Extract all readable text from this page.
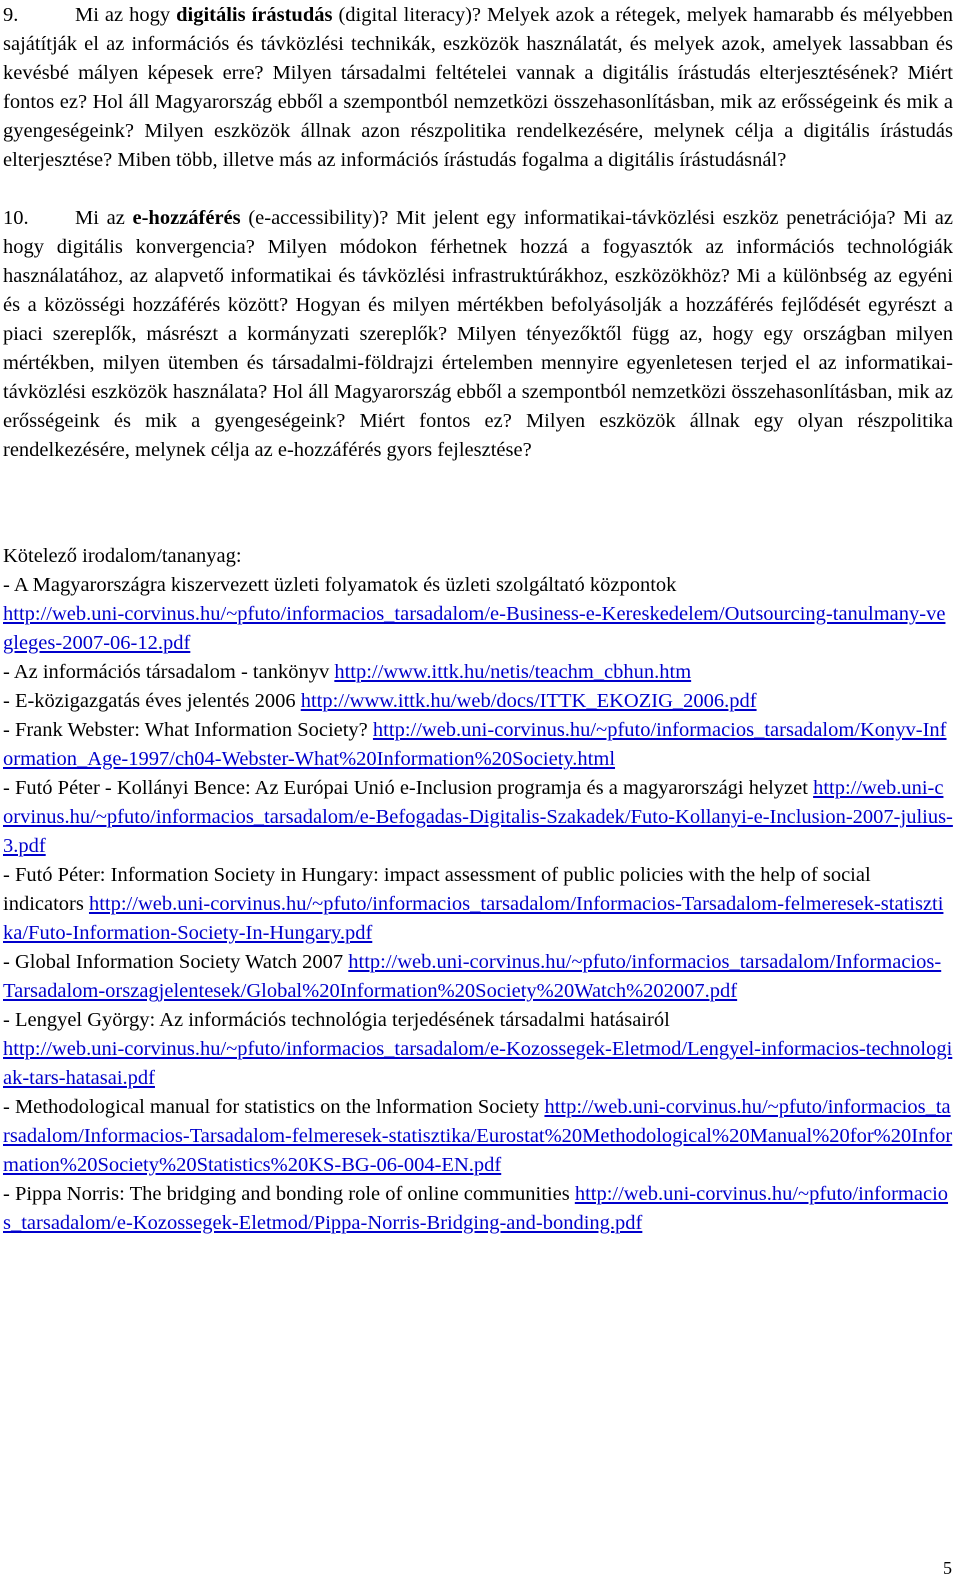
9.	Mi az hogy digitális írástudás (digital literacy)? Melyek azok a rétegek, melyek hamarabb és mélyebben sajátítják el az információs és távközlési technikák, eszközök használatát, és melyek azok, amelyek lassabban és kevésbé mályen képesek erre? Milyen társadalmi feltételei vannak a digitális írástudás elterjesztésének? Miért fontos ez? Hol áll Magyarország ebből a szempontból nemzetközi összehasonlításban, mik az erősségeink és mik a gyengeségeink? Milyen eszközök állnak azon részpolitika rendelkezésére, melynek célja a digitális írástudás elterjesztése? Miben több, illetve más az információs írástudás fogalma a digitális írástudásnál?

10. Mi az e-hozzáférés (e-accessibility)? Mit jelent egy informatikai-távközlési eszköz penetrációja? Mi az hogy digitális konvergencia? Milyen módokon férhetnek hozzá a fogyasztók az információs technológiák használatához, az alapvető informatikai és távközlési infrastruktúrákhoz, eszközökhöz? Mi a különbség az egyéni és a közösségi hozzáférés között? Hogyan és milyen mértékben befolyásolják a hozzáférés fejlődését egyrészt a piaci szereplők, másrészt a kormányzati szereplők? Milyen tényezőktől függ az, hogy egy országban milyen mértékben, milyen ütemben és társadalmi-földrajzi értelemben mennyire egyenletesen terjed el az informatikai-távközlési eszközök használata? Hol áll Magyarország ebből a szempontból nemzetközi összehasonlításban, mik az erősségeink és mik a gyengeségeink? Miért fontos ez? Milyen eszközök állnak egy olyan részpolitika rendelkezésére, melynek célja az e-hozzáférés gyors fejlesztése?

Kötelező irodalom/tananyag:

- A Magyarországra kiszervezett üzleti folyamatok és üzleti szolgáltató központok
http://web.uni-corvinus.hu/~pfuto/informacios_tarsadalom/e-Business-e-Kereskedelem/Outsourcing-tanulmany-vegleges-2007-06-12.pdf
- Az információs társadalom - tankönyv http://www.ittk.hu/netis/teachm_cbhun.htm
- E-közigazgatás éves jelentés 2006 http://www.ittk.hu/web/docs/ITTK_EKOZIG_2006.pdf
- Frank Webster: What Information Society? http://web.uni-corvinus.hu/~pfuto/informacios_tarsadalom/Konyv-Information_Age-1997/ch04-Webster-What%20Information%20Society.html
- Futó Péter - Kollányi Bence: Az Európai Unió e-Inclusion programja és a magyarországi helyzet http://web.uni-corvinus.hu/~pfuto/informacios_tarsadalom/e-Befogadas-Digitalis-Szakadek/Futo-Kollanyi-e-Inclusion-2007-julius-3.pdf
- Futó Péter: Information Society in Hungary: impact assessment of public policies with the help of social indicators http://web.uni-corvinus.hu/~pfuto/informacios_tarsadalom/Informacios-Tarsadalom-felmeresek-statisztika/Futo-Information-Society-In-Hungary.pdf
- Global Information Society Watch 2007 http://web.uni-corvinus.hu/~pfuto/informacios_tarsadalom/Informacios-Tarsadalom-orszagjelentesek/Global%20Information%20Society%20Watch%202007.pdf
- Lengyel György: Az információs technológia terjedésének társadalmi hatásairól
http://web.uni-corvinus.hu/~pfuto/informacios_tarsadalom/e-Kozossegek-Eletmod/Lengyel-informacios-technologiak-tars-hatasai.pdf
- Methodological manual for statistics on the lnformation Society http://web.uni-corvinus.hu/~pfuto/informacios_tarsadalom/Informacios-Tarsadalom-felmeresek-statisztika/Eurostat%20Methodological%20Manual%20for%20Information%20Society%20Statistics%20KS-BG-06-004-EN.pdf
- Pippa Norris: The bridging and bonding role of online communities http://web.uni-corvinus.hu/~pfuto/informacios_tarsadalom/e-Kozossegek-Eletmod/Pippa-Norris-Bridging-and-bonding.pdf
5
